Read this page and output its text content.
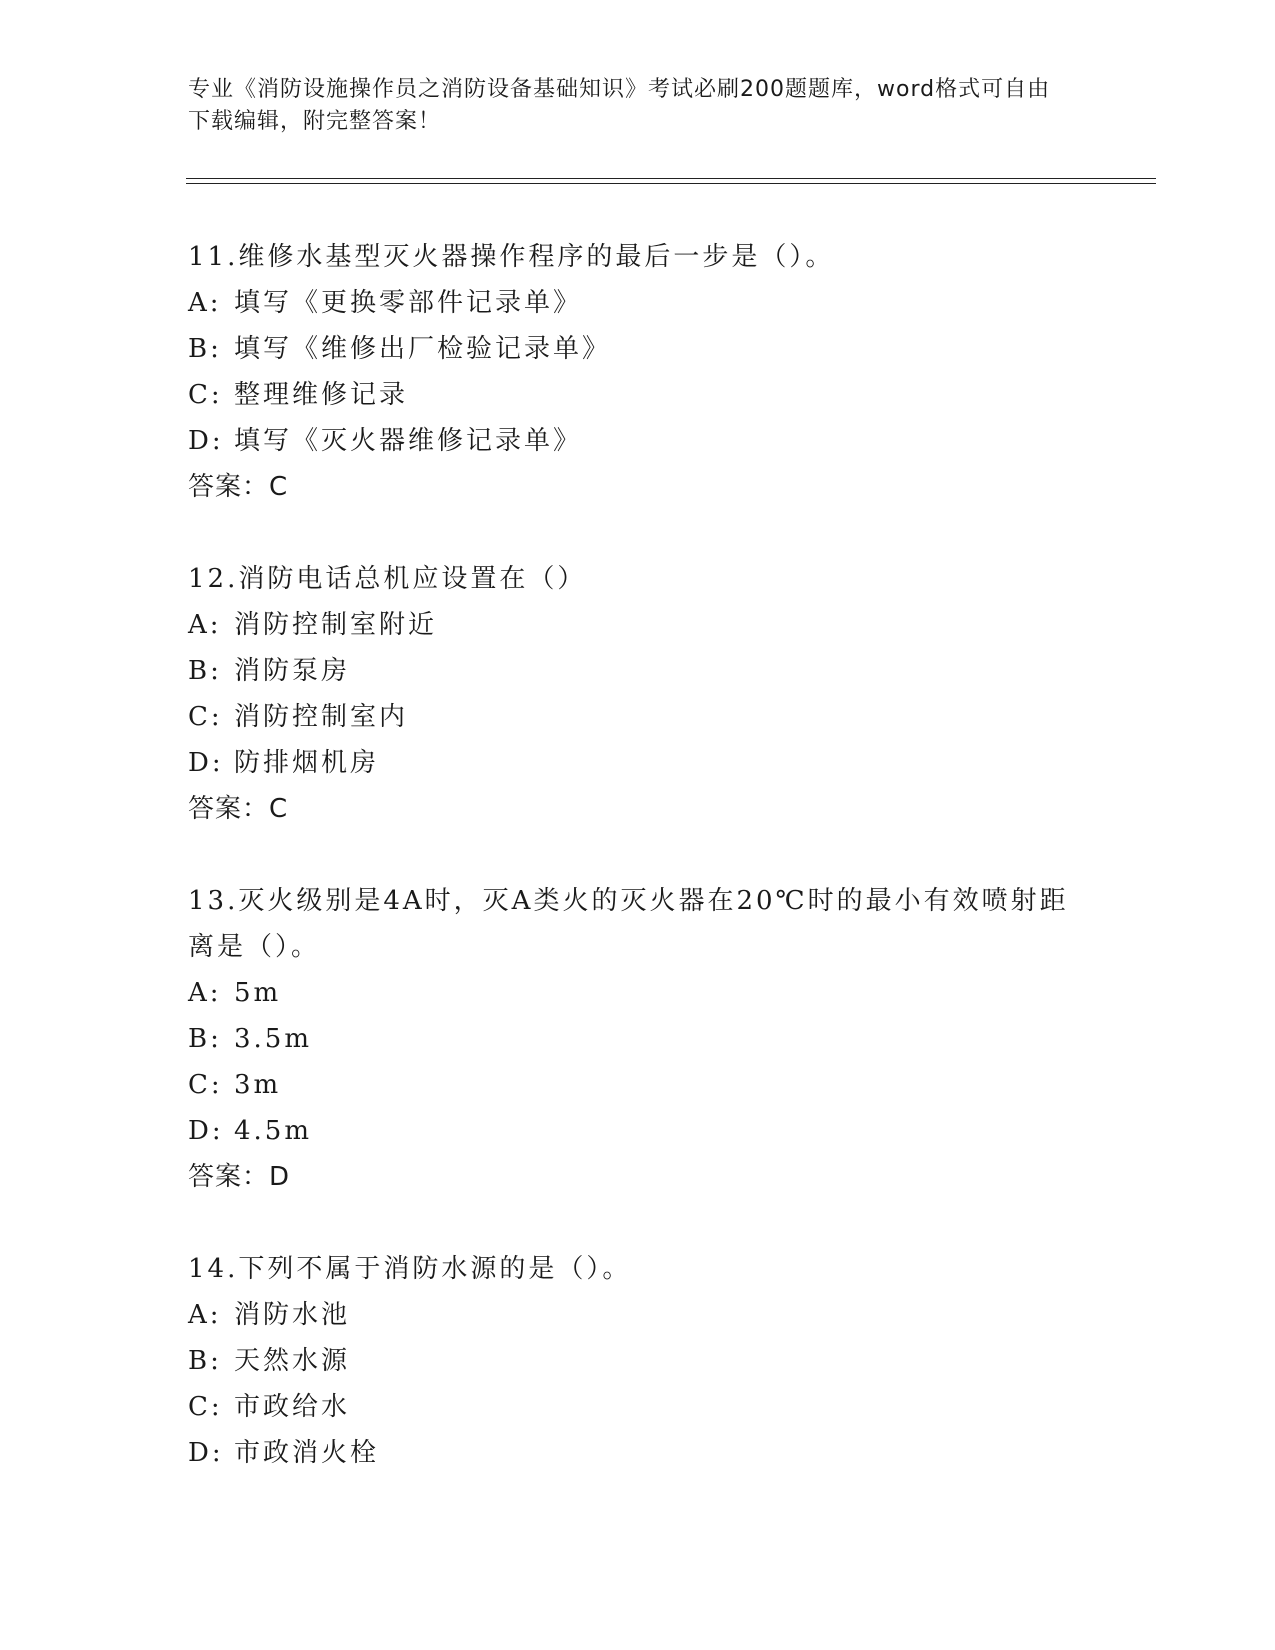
专业《消防设施操作员之消防设备基础知识》考试必刷200题题库，word格式可自由下载编辑，附完整答案！

11.维修水基型灭火器操作程序的最后一步是（）。

A: 填写《更换零部件记录单》
B: 填写《维修出厂检验记录单》
C: 整理维修记录
D: 填写《灭火器维修记录单》
答案：C

12.消防电话总机应设置在（）

A: 消防控制室附近
B: 消防泵房
C: 消防控制室内
D: 防排烟机房
答案：C

13.灭火级别是4A时，灭A类火的灭火器在20℃时的最小有效喷射距离是（）。

A: 5m
B: 3.5m
C: 3m
D: 4.5m
答案：D

14.下列不属于消防水源的是（）。

A: 消防水池
B: 天然水源
C: 市政给水
D: 市政消火栓
